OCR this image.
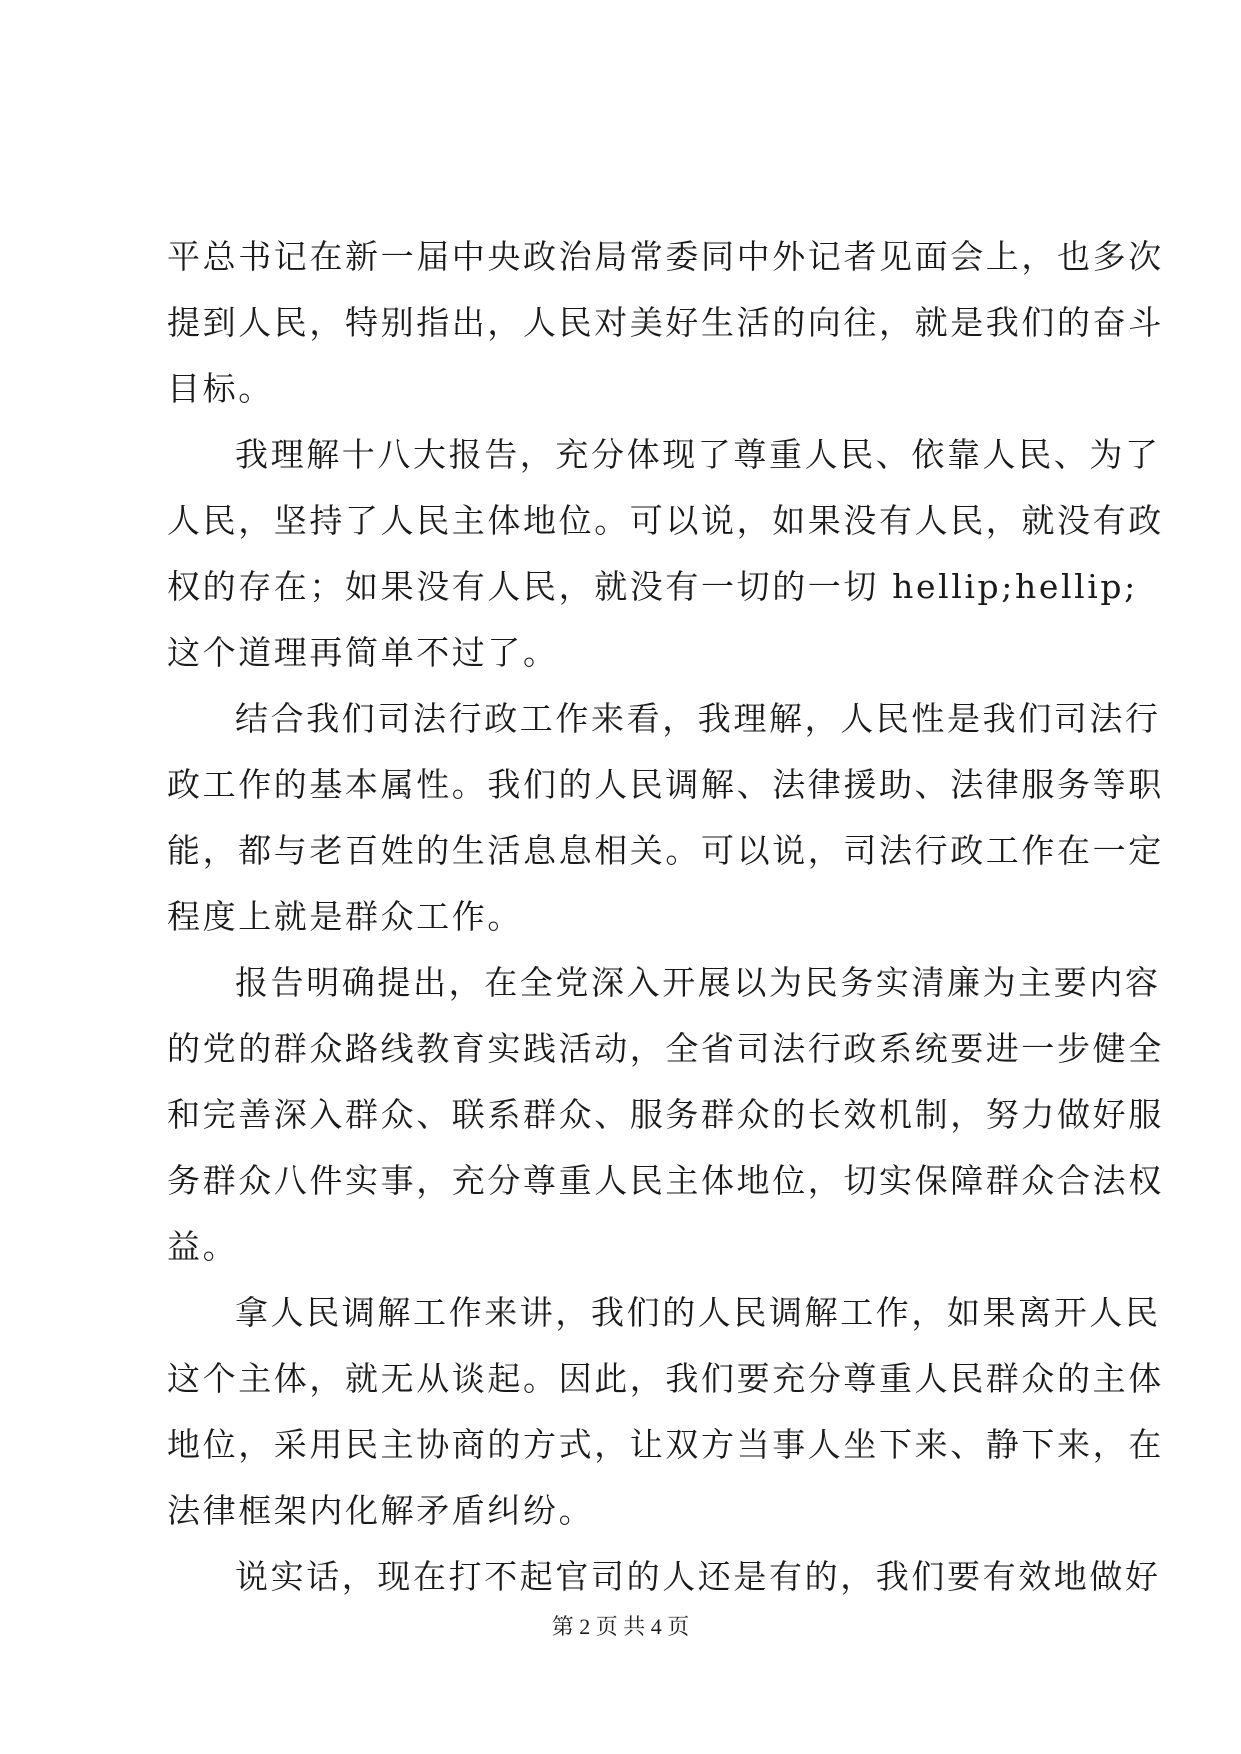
平总书记在新一届中央政治局常委同中外记者见面会上，也多次
提到人民，特别指出，人民对美好生活的向往，就是我们的奋斗
目标。
我理解十八大报告，充分体现了尊重人民、依靠人民、为了
人民，坚持了人民主体地位。可以说，如果没有人民，就没有政
权的存在；如果没有人民，就没有一切的一切 hellip;hellip;
这个道理再简单不过了。
结合我们司法行政工作来看，我理解，人民性是我们司法行
政工作的基本属性。我们的人民调解、法律援助、法律服务等职
能，都与老百姓的生活息息相关。可以说，司法行政工作在一定
程度上就是群众工作。
报告明确提出，在全党深入开展以为民务实清廉为主要内容
的党的群众路线教育实践活动，全省司法行政系统要进一步健全
和完善深入群众、联系群众、服务群众的长效机制，努力做好服
务群众八件实事，充分尊重人民主体地位，切实保障群众合法权
益。
拿人民调解工作来讲，我们的人民调解工作，如果离开人民
这个主体，就无从谈起。因此，我们要充分尊重人民群众的主体
地位，采用民主协商的方式，让双方当事人坐下来、静下来，在
法律框架内化解矛盾纠纷。
说实话，现在打不起官司的人还是有的，我们要有效地做好
第 2 页 共 4 页
